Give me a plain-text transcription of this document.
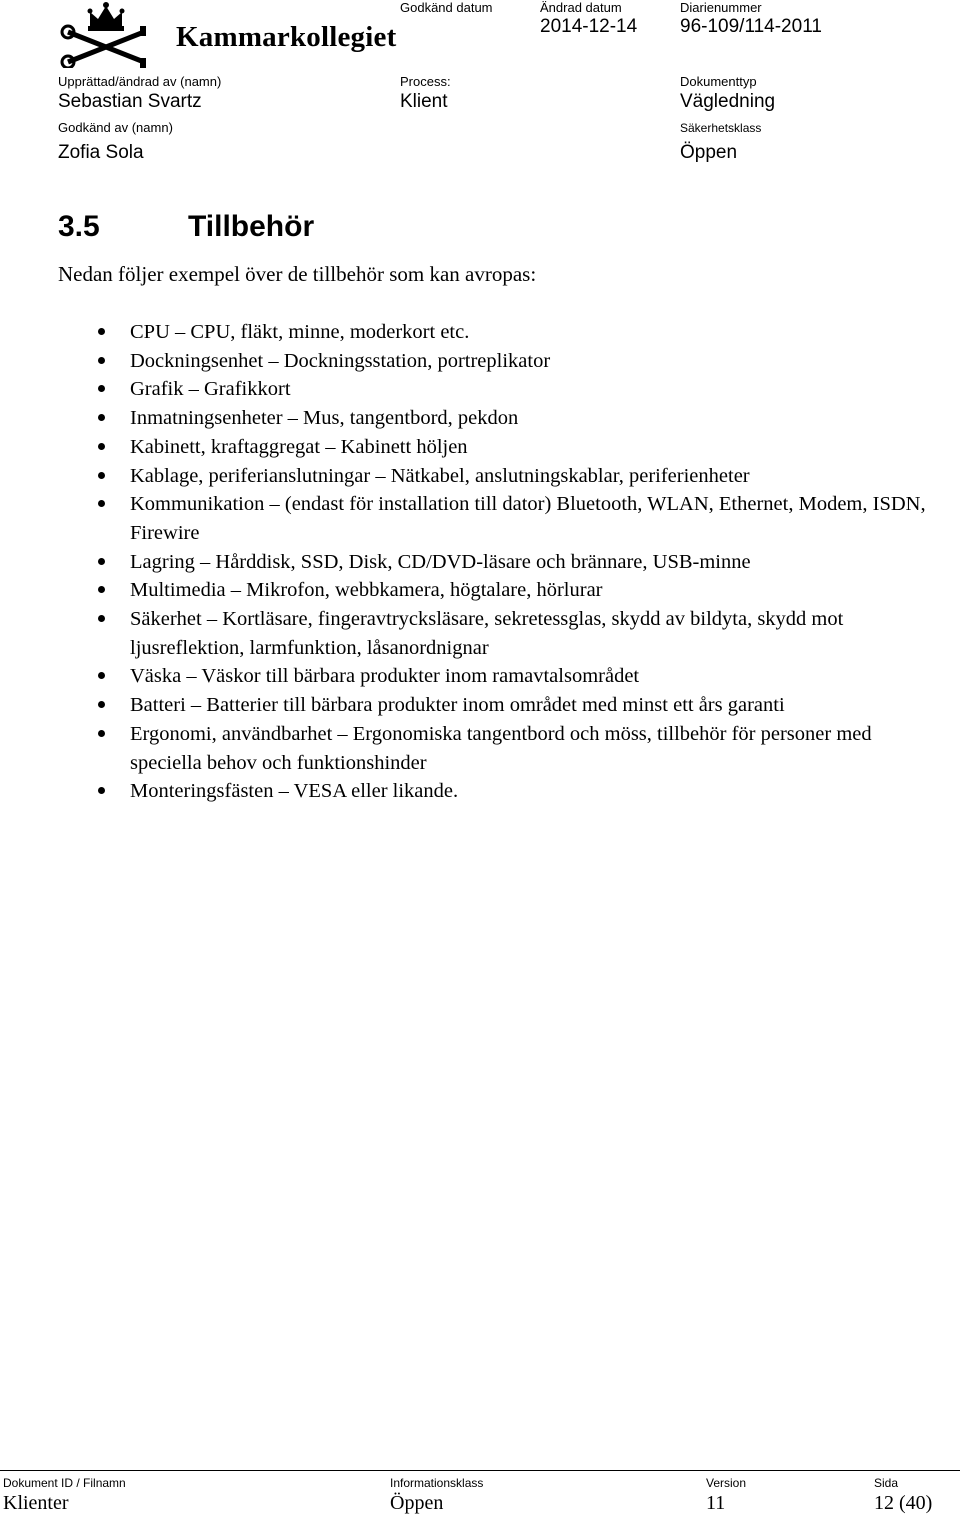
Kammarkollegiet
Godkänd datum	Ändrad datum
2014-12-14
Diarienummer
96-109/114-2011
Upprättad/ändrad av (namn)
Sebastian Svartz
Process:
Klient
Dokumenttyp
Vägledning
Godkänd av (namn)
Zofia Sola
Säkerhetsklass
Öppen
3.5	Tillbehör
Nedan följer exempel över de tillbehör som kan avropas:
CPU – CPU, fläkt, minne, moderkort etc.
Dockningsenhet – Dockningsstation, portreplikator
Grafik – Grafikkort
Inmatningsenheter – Mus, tangentbord, pekdon
Kabinett, kraftaggregat – Kabinett höljen
Kablage, periferianslutningar – Nätkabel, anslutningskablar, periferienheter
Kommunikation – (endast för installation till dator) Bluetooth, WLAN, Ethernet, Modem, ISDN, Firewire
Lagring – Hårddisk, SSD, Disk, CD/DVD-läsare och brännare, USB-minne
Multimedia – Mikrofon, webbkamera, högtalare, hörlurar
Säkerhet – Kortläsare, fingeravtrycksläsare, sekretessglas, skydd av bildyta, skydd mot ljusreflektion, larmfunktion, låsanordnignar
Väska – Väskor till bärbara produkter inom ramavtalsområdet
Batteri – Batterier till bärbara produkter inom området med minst ett års garanti
Ergonomi, användbarhet – Ergonomiska tangentbord och möss, tillbehör för personer med speciella behov och funktionshinder
Monteringsfästen – VESA eller likande.
Dokument ID / Filnamn
Klienter
Informationsklass
Öppen
Version
11
Sida
12 (40)
